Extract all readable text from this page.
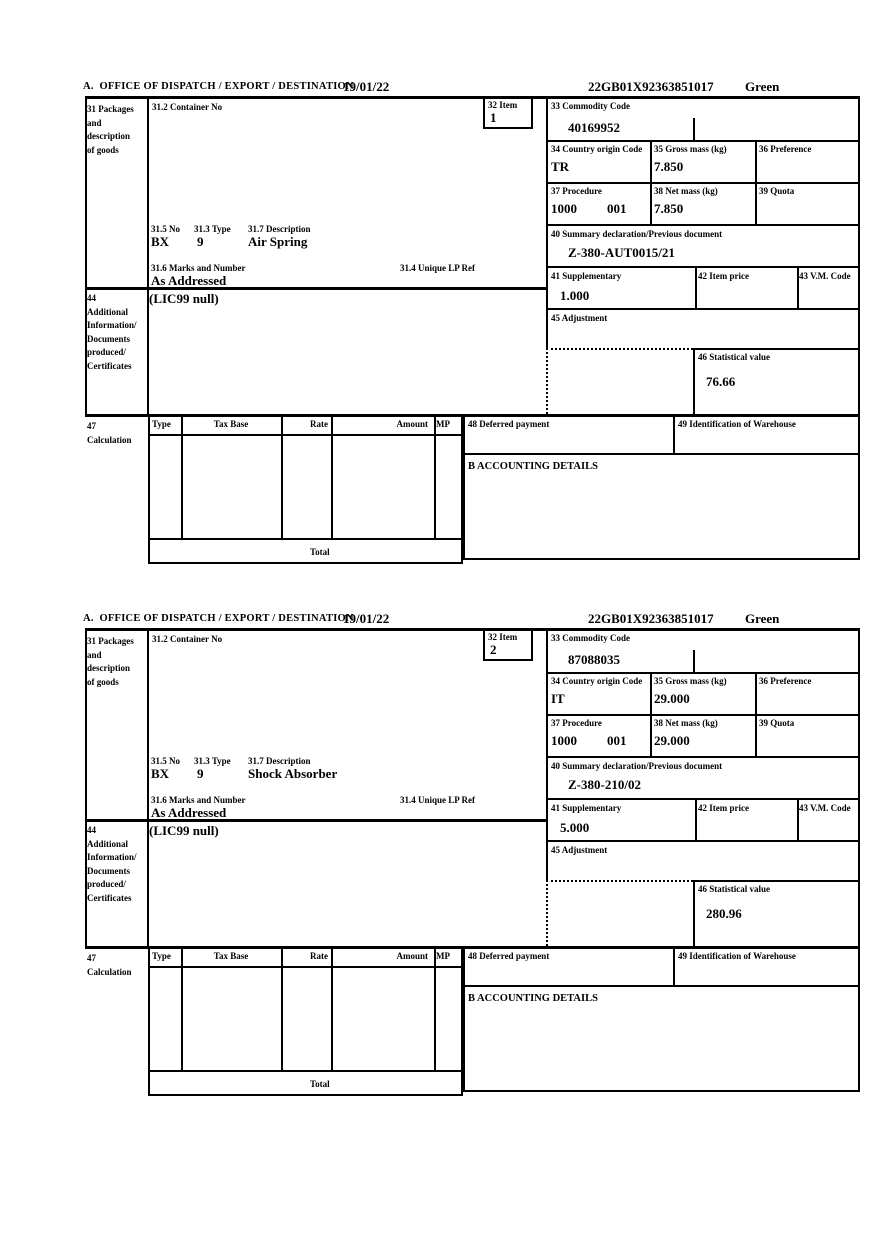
A.  OFFICE OF DISPATCH / EXPORT / DESTINATION
19/01/22	22GB01X92363851017 Green
31 Packages
and
description
of goods
31.2 Container No	32 Item
1
33 Commodity Code
40169952
34 Country origin Code
TR
35 Gross mass (kg)
7.850
36 Preference
37 Procedure
1000 001
38 Net mass (kg)
7.850
39 Quota
31.5 No 31.3 Type 31.7 Description
BX 9	Air Spring
31.6 Marks and Number	31.4 Unique LP Ref
As Addressed
40 Summary declaration/Previous document
Z-380-AUT0015/21
41 Supplementary
1.000
42 Item price	43 V.M. Code
44
Additional
Information/
Documents
produced/
Certificates
(LIC99 null)
45 Adjustment
46 Statistical value
76.66
47
Calculation
Type	Tax Base	Rate	Amount MP
Total
48 Deferred payment	49 Identification of Warehouse
B ACCOUNTING DETAILS
A.  OFFICE OF DISPATCH / EXPORT / DESTINATION
19/01/22	22GB01X92363851017 Green
31 Packages
and
description
of goods
31.2 Container No	32 Item
2
33 Commodity Code
87088035
34 Country origin Code
IT
35 Gross mass (kg)
29.000
36 Preference
37 Procedure
1000 001
38 Net mass (kg)
29.000
39 Quota
31.5 No 31.3 Type 31.7 Description
BX 9	Shock Absorber
31.6 Marks and Number	31.4 Unique LP Ref
As Addressed
40 Summary declaration/Previous document
Z-380-210/02
41 Supplementary
5.000
42 Item price	43 V.M. Code
44
Additional
Information/
Documents
produced/
Certificates
(LIC99 null)
45 Adjustment
46 Statistical value
280.96
47
Calculation
Type	Tax Base	Rate	Amount MP
Total
48 Deferred payment	49 Identification of Warehouse
B ACCOUNTING DETAILS
